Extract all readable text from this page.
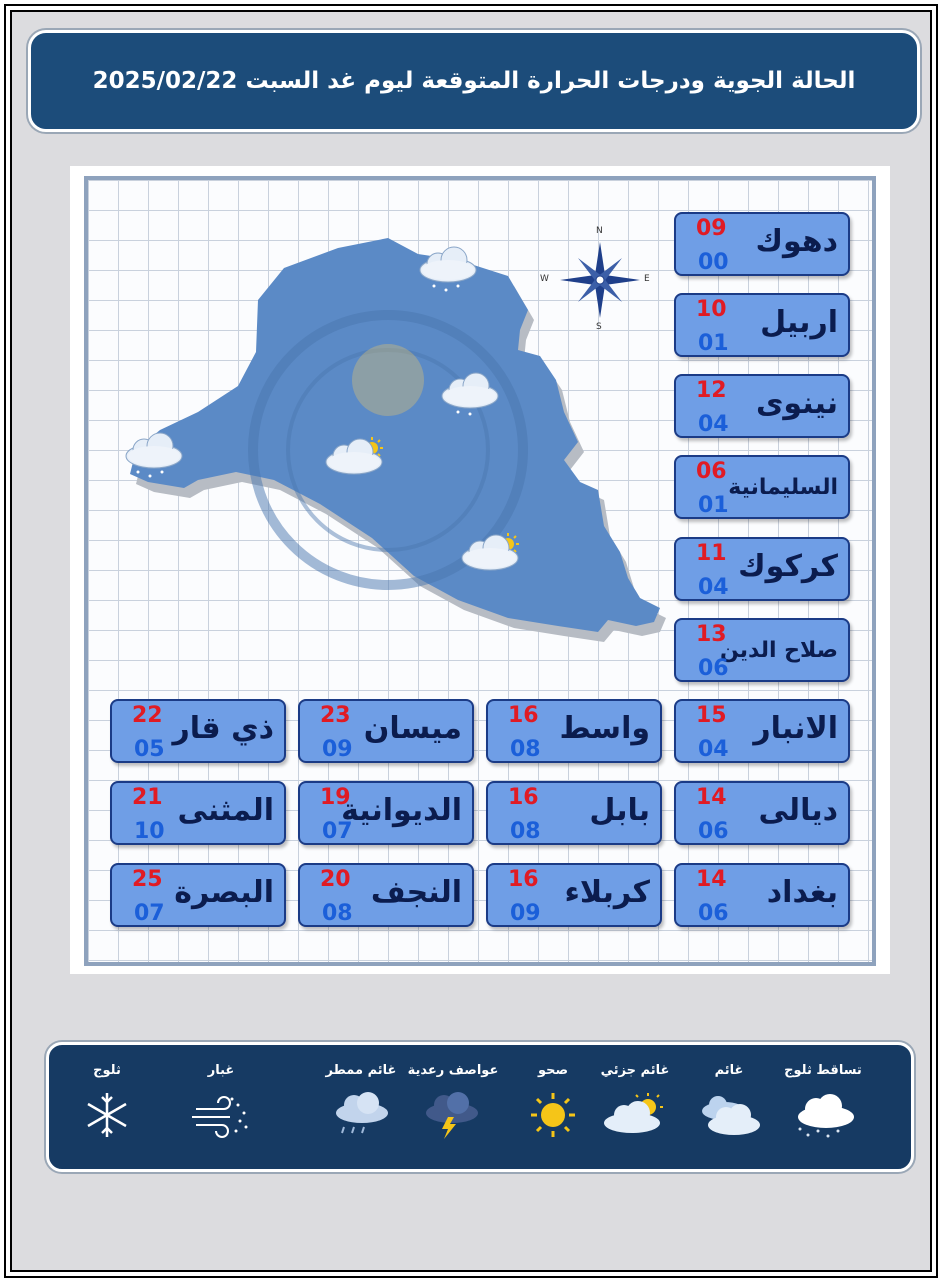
الحالة الجوية ودرجات الحرارة المتوقعة ليوم غد السبت 2025/02/22
N
S
W	E
دهوك
09
00
اربيل
10
01
نينوى
12
04
السليمانية
06
01
كركوك
11
04
صلاح الدين
13
06
الانبار
15
04
واسط
16
08
ميسان
23
09
ذي قار
22
05
ديالى
14
06
بابل
16
08
الديوانية
19
07
المثنى
21
10
بغداد
14
06
كربلاء
16
09
النجف
20
08
البصرة
25
07
تساقط ثلوج
غائم
غائم جزئي
صحو
عواصف رعدية
غائم ممطر
غبار
ثلوج
